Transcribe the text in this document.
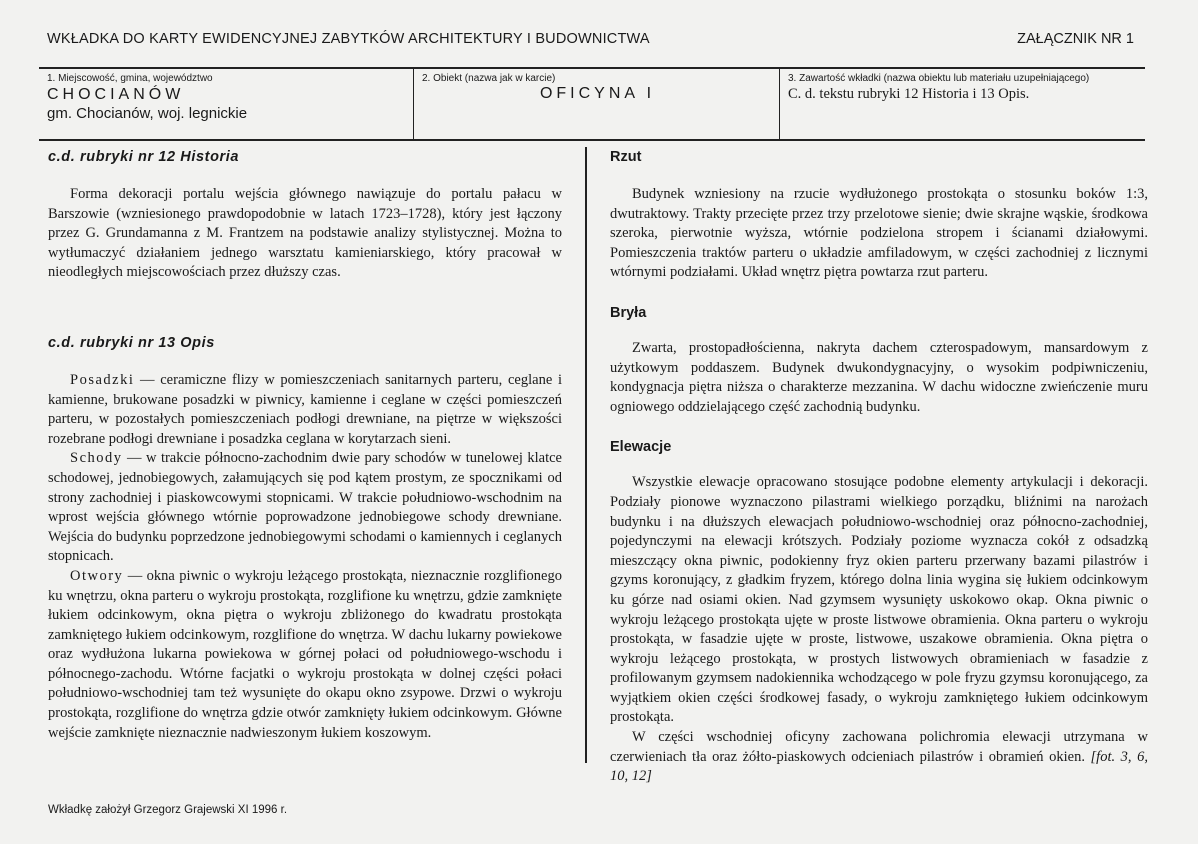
WKŁADKA DO KARTY EWIDENCYJNEJ ZABYTKÓW ARCHITEKTURY I BUDOWNICTWA	ZAŁĄCZNIK NR 1
1. Miejscowość, gmina, województwo
CHOCIANÓW
gm. Chocianów, woj. legnickie
2. Obiekt (nazwa jak w karcie)
OFICYNA I
3. Zawartość wkładki (nazwa obiektu lub materiału uzupełniającego)
C. d. tekstu rubryki 12 Historia i 13 Opis.
c.d. rubryki nr 12 Historia

Forma dekoracji portalu wejścia głównego nawiązuje do portalu pałacu w Barszowie (wzniesionego prawdopodobnie w latach 1723–1728), który jest łączony przez G. Grundamanna z M. Frantzem na podstawie analizy stylistycznej. Można to wytłumaczyć działaniem jednego warsztatu kamieniarskiego, który pracował w nieodległych miejscowościach przez dłuższy czas.

c.d. rubryki nr 13 Opis

Posadzki — ceramiczne flizy w pomieszczeniach sanitarnych parteru, ceglane i kamienne, brukowane posadzki w piwnicy, kamienne i ceglane w części pomieszczeń parteru, w pozostałych pomieszczeniach podłogi drewniane, na piętrze w większości rozebrane podłogi drewniane i posadzka ceglana w korytarzach sieni.

Schody — w trakcie północno-zachodnim dwie pary schodów w tunelowej klatce schodowej, jednobiegowych, załamujących się pod kątem prostym, ze spocznikami od strony zachodniej i piaskowcowymi stopnicami. W trakcie południowo-wschodnim na wprost wejścia głównego wtórnie poprowadzone jednobiegowe schody drewniane. Wejścia do budynku poprzedzone jednobiegowymi schodami o kamiennych i ceglanych stopnicach.

Otwory — okna piwnic o wykroju leżącego prostokąta, nieznacznie rozglifionego ku wnętrzu, okna parteru o wykroju prostokąta, rozglifione ku wnętrzu, gdzie zamknięte łukiem odcinkowym, okna piętra o wykroju zbliżonego do kwadratu prostokąta zamkniętego łukiem odcinkowym, rozglifione do wnętrza. W dachu lukarny powiekowe oraz wydłużona lukarna powiekowa w górnej połaci od południowego-wschodu i północnego-zachodu. Wtórne facjatki o wykroju prostokąta w dolnej części połaci południowo-wschodniej tam też wysunięte do okapu okno zsypowe. Drzwi o wykroju prostokąta, rozglifione do wnętrza gdzie otwór zamknięty łukiem odcinkowym. Główne wejście zamknięte nieznacznie nadwieszonym łukiem koszowym.

Rzut

Budynek wzniesiony na rzucie wydłużonego prostokąta o stosunku boków 1:3, dwutraktowy. Trakty przecięte przez trzy przelotowe sienie; dwie skrajne wąskie, środkowa szeroka, pierwotnie wyższa, wtórnie podzielona stropem i ścianami działowymi. Pomieszczenia traktów parteru o układzie amfiladowym, w części zachodniej z licznymi wtórnymi podziałami. Układ wnętrz piętra powtarza rzut parteru.

Bryła

Zwarta, prostopadłościenna, nakryta dachem czterospadowym, mansardowym z użytkowym poddaszem. Budynek dwukondygnacyjny, o wysokim podpiwniczeniu, kondygnacja piętra niższa o charakterze mezzanina. W dachu widoczne zwieńczenie muru ogniowego oddzielającego część zachodnią budynku.

Elewacje

Wszystkie elewacje opracowano stosujące podobne elementy artykulacji i dekoracji. Podziały pionowe wyznaczono pilastrami wielkiego porządku, bliźnimi na narożach budynku i na dłuższych elewacjach południowo-wschodniej oraz północno-zachodniej, pojedynczymi na elewacji krótszych. Podziały poziome wyznacza cokół z odsadzką mieszczący okna piwnic, podokienny fryz okien parteru przerwany bazami pilastrów i gzyms koronujący, z gładkim fryzem, którego dolna linia wygina się łukiem odcinkowym ku górze nad osiami okien. Nad gzymsem wysunięty uskokowo okap. Okna piwnic o wykroju leżącego prostokąta ujęte w proste listwowe obramienia. Okna parteru o wykroju prostokąta, w fasadzie ujęte w proste, listwowe, uszakowe obramienia. Okna piętra o wykroju leżącego prostokąta, w prostych listwowych obramieniach w fasadzie z profilowanym gzymsem nadokiennika wchodzącego w pole fryzu gzymsu koronującego, za wyjątkiem okien części środkowej fasady, o wykroju zamkniętego łukiem odcinkowym prostokąta.

W części wschodniej oficyny zachowana polichromia elewacji utrzymana w czerwieniach tła oraz żółto-piaskowych odcieniach pilastrów i obramień okien. [fot. 3, 6, 10, 12]

Wkładkę założył Grzegorz Grajewski XI 1996 r.
